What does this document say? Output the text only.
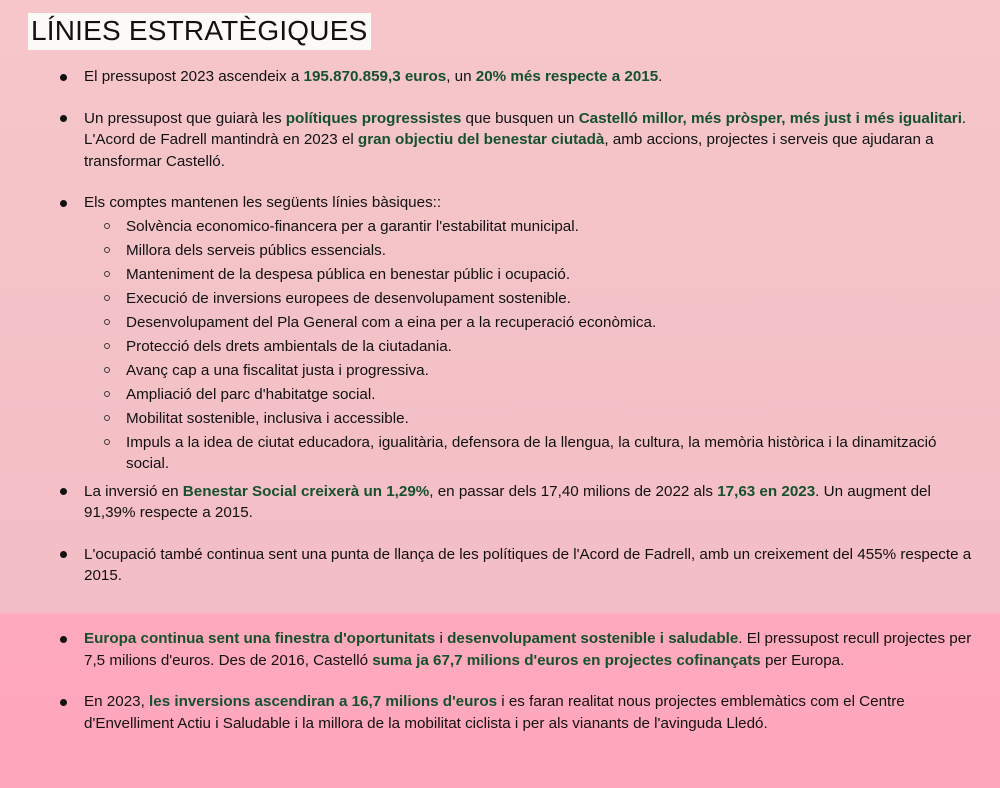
LÍNIES ESTRATÈGIQUES
El pressupost 2023 ascendeix a 195.870.859,3 euros, un 20% més respecte a 2015.
Un pressupost que guiarà les polítiques progressistes que busquen un Castelló millor, més pròsper, més just i més igualitari. L'Acord de Fadrell mantindrà en 2023 el gran objectiu del benestar ciutadà, amb accions, projectes i serveis que ajudaran a transformar Castelló.
Els comptes mantenen les següents línies bàsiques::
Solvència economico-financera per a garantir l'estabilitat municipal.
Millora dels serveis públics essencials.
Manteniment de la despesa pública en benestar públic i ocupació.
Execució de inversions europees de desenvolupament sostenible.
Desenvolupament del Pla General com a eina per a la recuperació econòmica.
Protecció dels drets ambientals de la ciutadania.
Avanç cap a una fiscalitat justa i progressiva.
Ampliació del parc d'habitatge social.
Mobilitat sostenible, inclusiva i accessible.
Impuls a la idea de ciutat educadora, igualitària, defensora de la llengua, la cultura, la memòria històrica i la dinamització social.
La inversió en Benestar Social creixerà un 1,29%, en passar dels 17,40 milions de 2022 als 17,63 en 2023. Un augment del 91,39% respecte a 2015.
L'ocupació també continua sent una punta de llança de les polítiques de l'Acord de Fadrell, amb un creixement del 455% respecte a 2015.
Europa continua sent una finestra d'oportunitats i desenvolupament sostenible i saludable. El pressupost recull projectes per 7,5 milions d'euros. Des de 2016, Castelló suma ja 67,7 milions d'euros en projectes cofinançats per Europa.
En 2023, les inversions ascendiran a 16,7 milions d'euros i es faran realitat nous projectes emblemàtics com el Centre d'Envelliment Actiu i Saludable i la millora de la mobilitat ciclista i per als vianants de l'avinguda Lledó.
